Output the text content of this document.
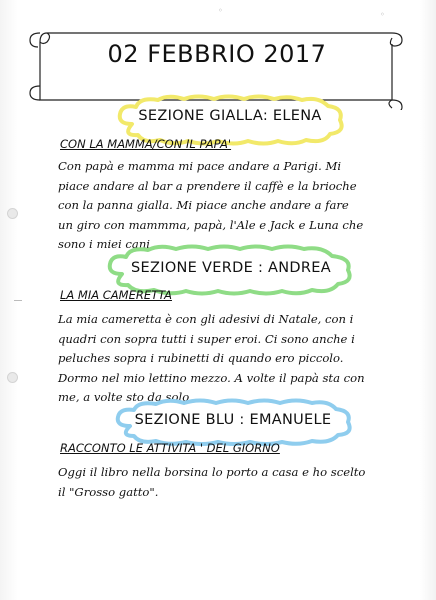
◦	◦
02 FEBBRIO 2017
SEZIONE GIALLA: ELENA
CON LA MAMMA/CON IL PAPA'
Con papà e mamma mi pace andare a Parigi. Mi
piace andare al bar a prendere il caffè e la brioche
con la panna gialla. Mi piace anche andare a fare
un giro con mammma, papà, l'Ale e Jack e Luna che
sono i miei cani.
SEZIONE VERDE : ANDREA
LA MIA CAMERETTA
La mia cameretta è con gli adesivi di Natale, con i
quadri con sopra tutti i super eroi. Ci sono anche i
peluches sopra i rubinetti di quando ero piccolo.
Dormo nel mio lettino mezzo. A volte il papà sta con
me, a volte sto da solo.
SEZIONE BLU : EMANUELE
RACCONTO LE ATTIVITA ' DEL GIORNO
Oggi il libro nella borsina lo porto a casa e ho scelto
il "Grosso gatto".
